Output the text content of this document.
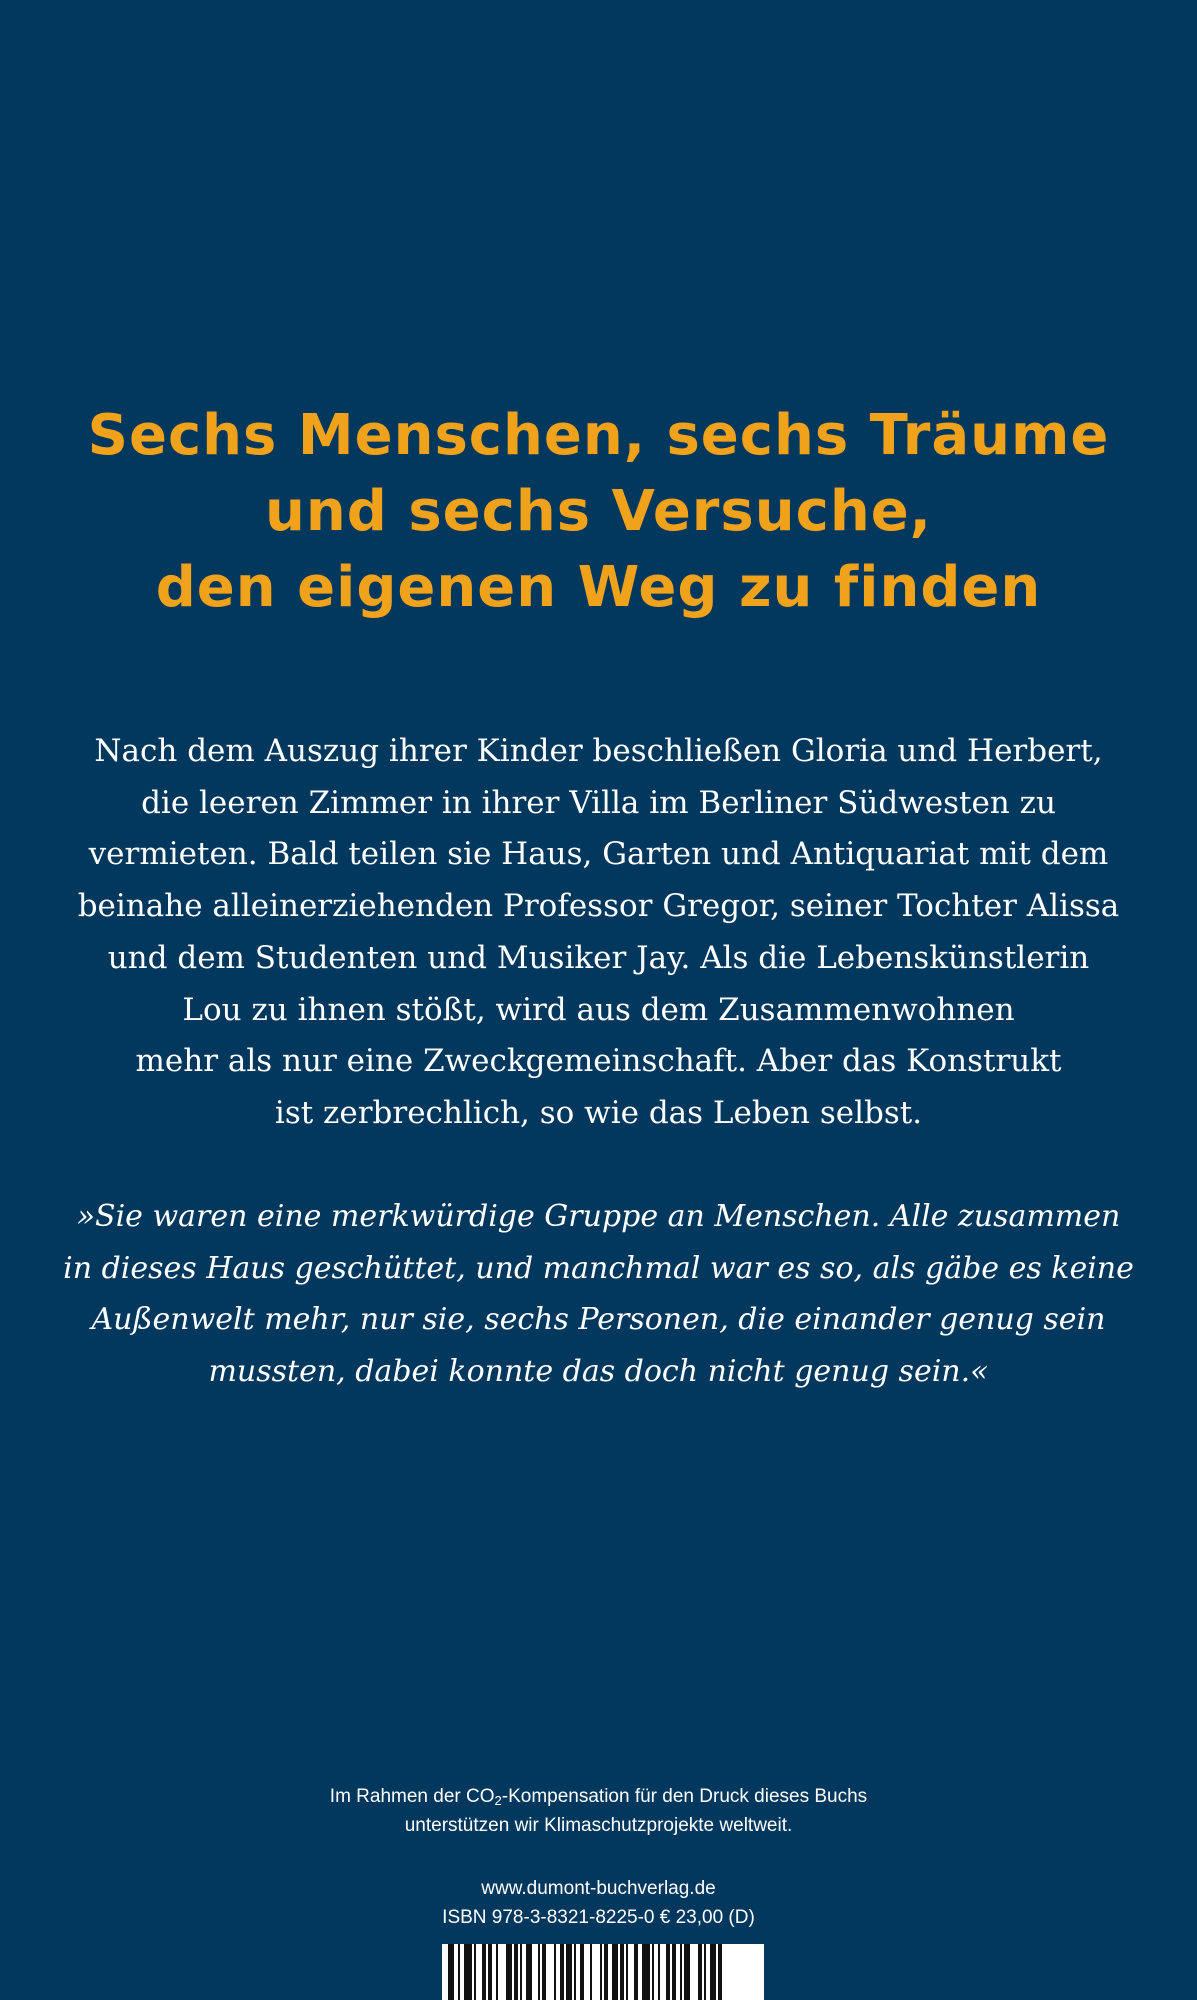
Sechs Menschen, sechs Träume
und sechs Versuche,
den eigenen Weg zu finden
Nach dem Auszug ihrer Kinder beschließen Gloria und Herbert,
die leeren Zimmer in ihrer Villa im Berliner Südwesten zu
vermieten. Bald teilen sie Haus, Garten und Antiquariat mit dem
beinahe alleinerziehenden Professor Gregor, seiner Tochter Alissa
und dem Studenten und Musiker Jay. Als die Lebenskünstlerin
Lou zu ihnen stößt, wird aus dem Zusammenwohnen
mehr als nur eine Zweckgemeinschaft. Aber das Konstrukt
ist zerbrechlich, so wie das Leben selbst.
»Sie waren eine merkwürdige Gruppe an Menschen. Alle zusammen
in dieses Haus geschüttet, und manchmal war es so, als gäbe es keine
Außenwelt mehr, nur sie, sechs Personen, die einander genug sein
mussten, dabei konnte das doch nicht genug sein.«
Im Rahmen der $CO_2$-Kompensation für den Druck dieses Buchs
unterstützen wir Klimaschutzprojekte weltweit.
www.dumont-buchverlag.de
ISBN 978-3-8321-8225-0 € 23,00 (D)
